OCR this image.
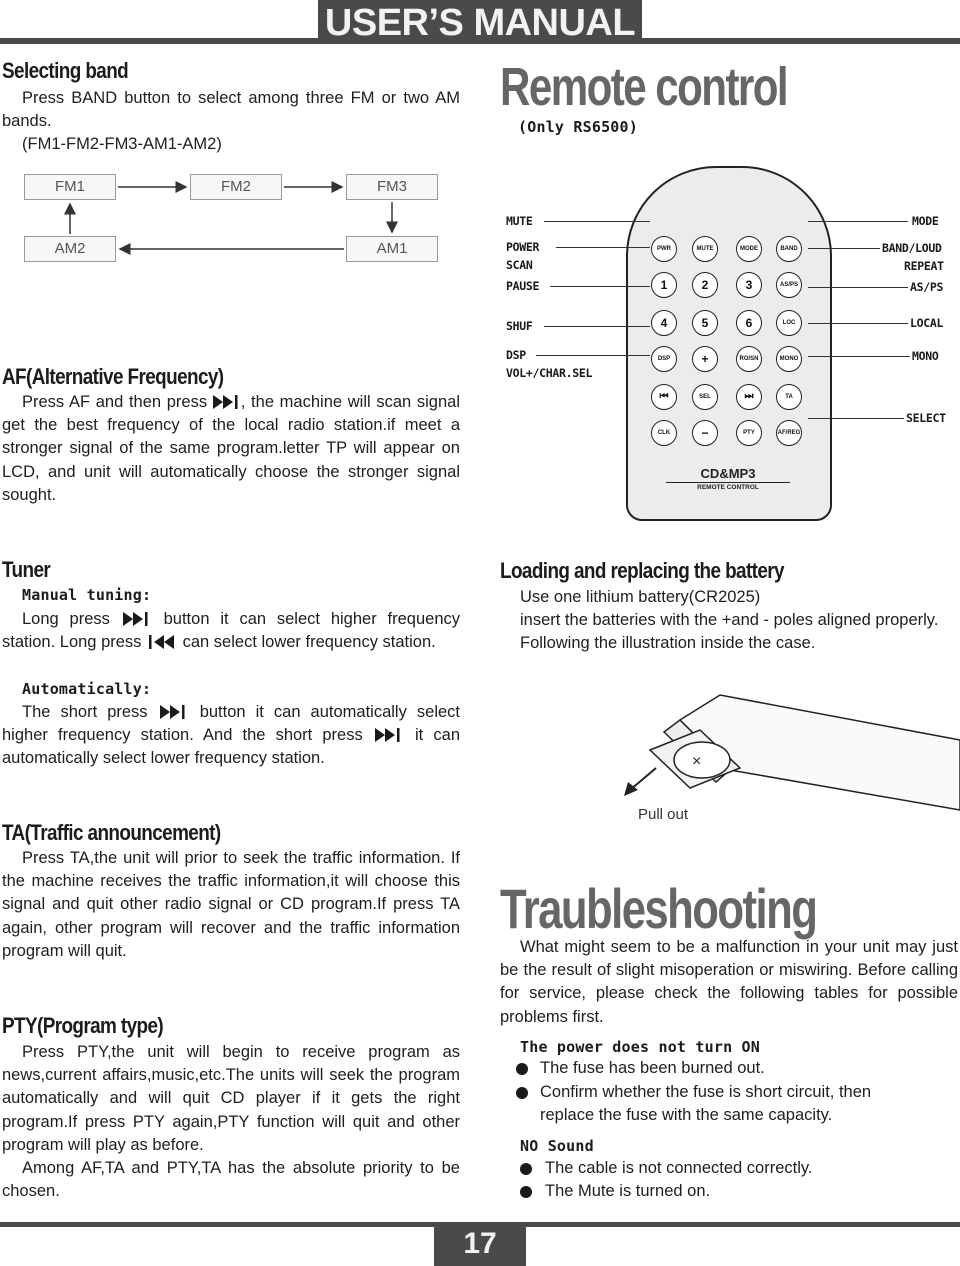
USER’S MANUAL
Selecting band

Press BAND button to select among three FM or two AM bands.

(FM1-FM2-FM3-AM1-AM2)

FM1	FM2	FM3
AM2	AM1
Remote control
(Only RS6500)
MUTE
POWER
SCAN
PAUSE
SHUF
DSP
VOL+/CHAR.SEL
MODE
BAND/LOUD
REPEAT
AS/PS
LOCAL
MONO
SELECT
PWR	MUTE	MODE	BAND
1	2	3	AS/PS
4	5	6	LOC
DSP	+	RO/SN	MONO
⏮	SEL	⏭	TA
CLK	−	PTY	AF/REG
CD&MP3
REMOTE CONTROL
AF(Alternative Frequency)

Press AF and then press , the machine will scan signal get the best frequency of the local radio station.if meet a stronger signal of the same program.letter TP will appear on LCD, and unit will automatically choose the stronger signal sought.

Tuner
Manual tuning:

Long press	button it can select higher frequency station. Long press can select lower frequency station.

Automatically:

The short press	button it can automatically select higher frequency station. And the short press	it can automatically select lower frequency station.

Loading and replacing the battery

Use one lithium battery(CR2025)

insert the batteries with the +and - poles aligned properly.

Following the illustration inside the case.

×
Pull out
TA(Traffic announcement)

Press TA,the unit will prior to seek the traffic information. If the machine receives the traffic information,it will choose this signal and quit other radio signal or CD program.If press TA again, other program will recover and the traffic information program will quit.

PTY(Program type)

Press PTY,the unit will begin to receive program as news,current affairs,music,etc.The units will seek the program automatically and will quit CD player if it gets the right program.If press PTY again,PTY function will quit and other program will play as before.

Among AF,TA and PTY,TA has the absolute priority to be chosen.

Traubleshooting

What might seem to be a malfunction in your unit may just be the result of slight misoperation or miswiring. Before calling for service, please check the following tables for possible problems first.

The power does not turn ON
The fuse has been burned out.
Confirm whether the fuse is short circuit, then replace the fuse with the same capacity.
NO Sound
The cable is not connected correctly.
The Mute is turned on.
17
